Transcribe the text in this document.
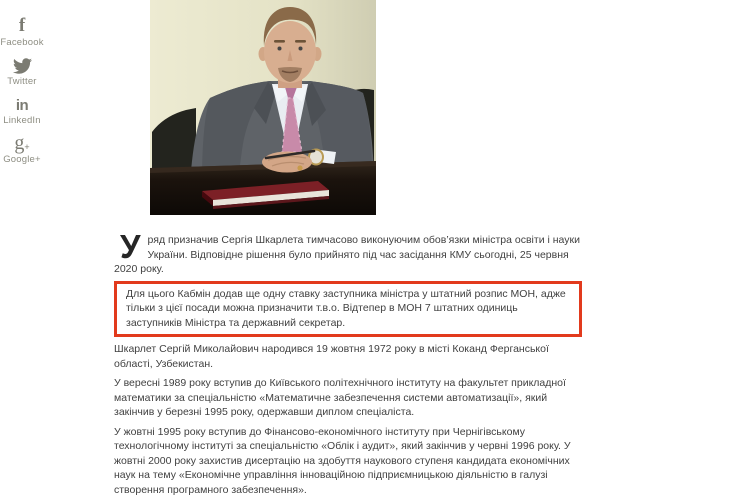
f
Facebook
Twitter
in
LinkedIn
g +
Google+

Уряд призначив Сергія Шкарлета тимчасово виконуючим обов’язки міністра освіти і науки України. Відповідне рішення було прийнято під час засідання КМУ сьогодні, 25 червня 2020 року.

Для цього Кабмін додав ще одну ставку заступника міністра у штатний розпис МОН, адже тільки з цієї посади можна призначити т.в.о. Відтепер в МОН 7 штатних одиниць заступників Міністра та державний секретар.

Шкарлет Сергій Миколайович народився 19 жовтня 1972 року в місті Коканд Ферганської області, Узбекистан.

У вересні 1989 року вступив до Київського політехнічного інституту на факультет прикладної математики за спеціальністю «Математичне забезпечення системи автоматизації», який закінчив у березні 1995 року, одержавши диплом спеціаліста.

У жовтні 1995 року вступив до Фінансово-економічного інституту при Чернігівському технологічному інституті за спеціальністю «Облік і аудит», який закінчив у червні 1996 року. У жовтні 2000 року захистив дисертацію на здобуття наукового ступеня кандидата економічних наук на тему «Економічне управління інноваційною підприємницькою діяльністю в галузі створення програмного забезпечення».
